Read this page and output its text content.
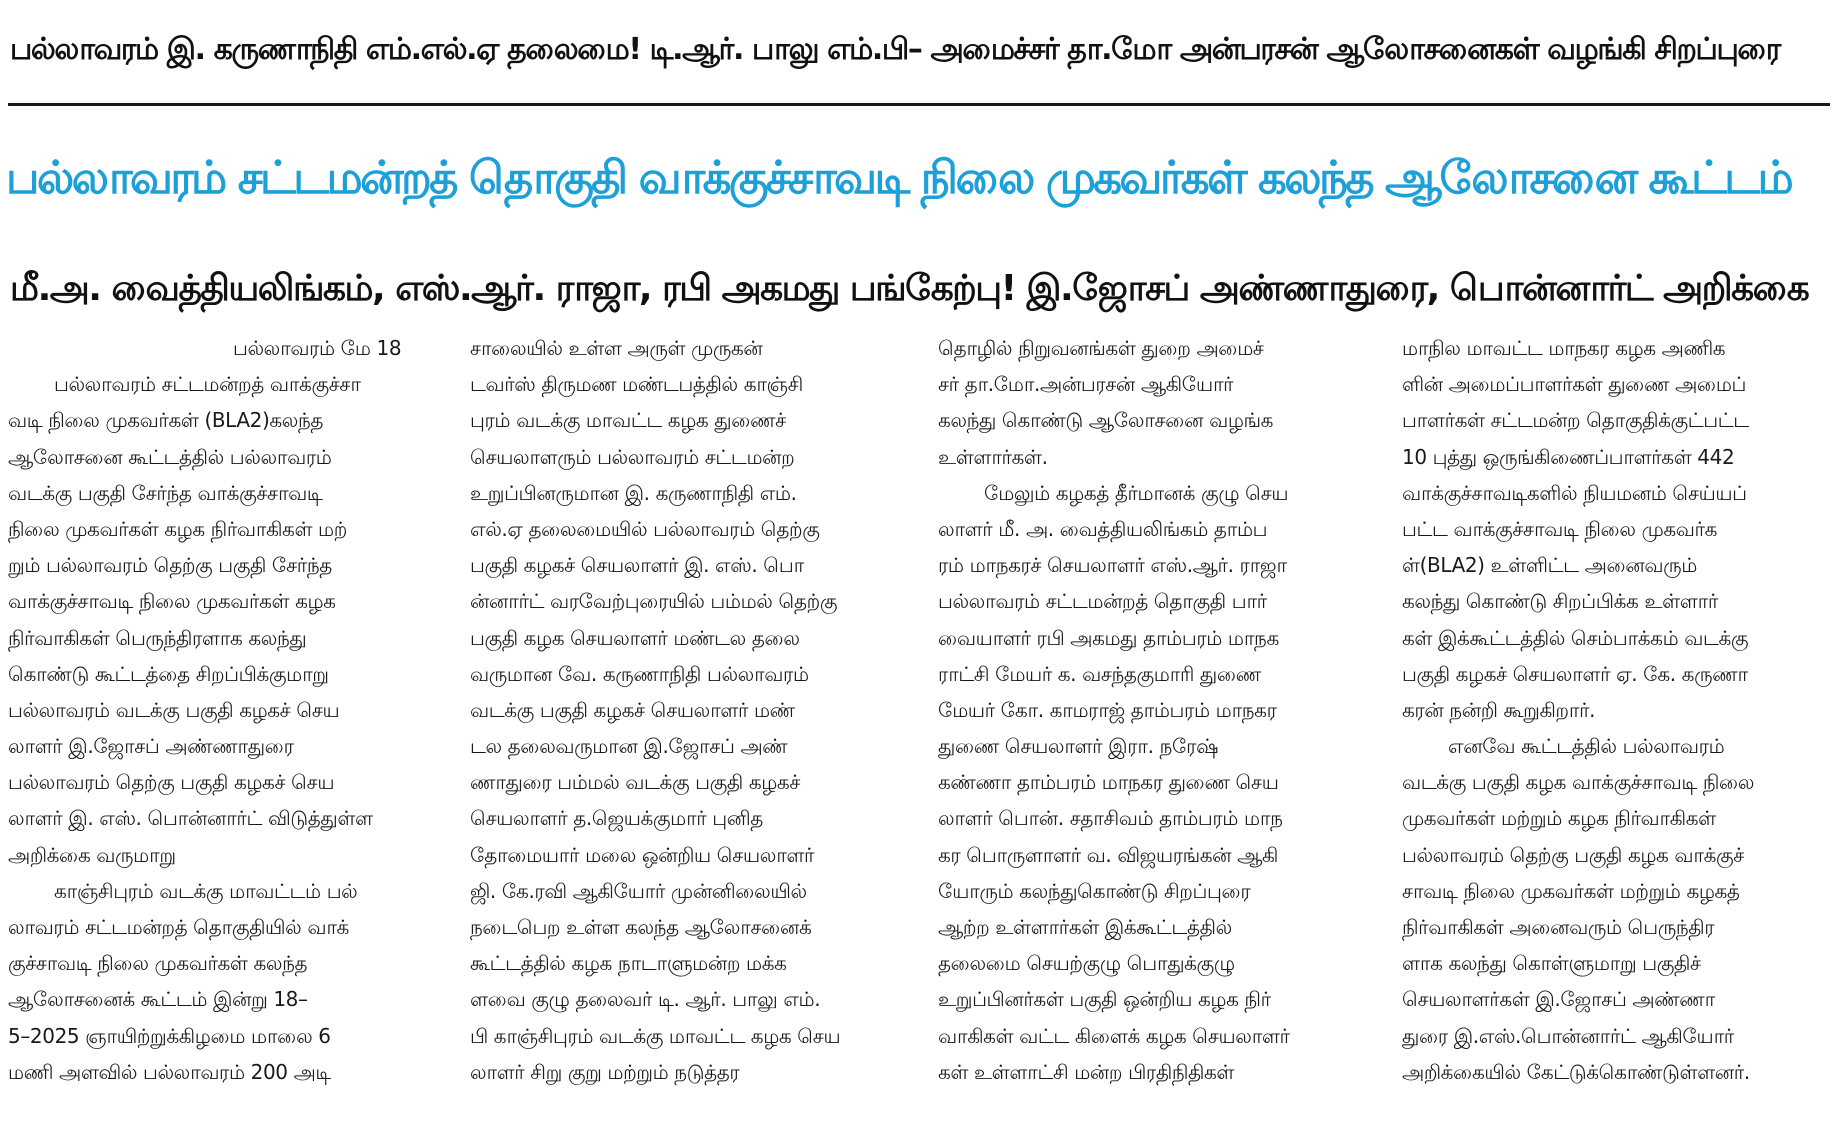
பல்லாவரம் இ. கருணாநிதி எம்.எல்.ஏ தலைமை! டி.ஆர். பாலு எம்.பி– அமைச்சர் தா.மோ அன்பரசன் ஆலோசனைகள் வழங்கி சிறப்புரை
பல்லாவரம் சட்டமன்றத் தொகுதி வாக்குச்சாவடி நிலை முகவர்கள் கலந்த ஆலோசனை கூட்டம்
மீ.அ. வைத்தியலிங்கம், எஸ்.ஆர். ராஜா, ரபி அகமது பங்கேற்பு! இ.ஜோசப் அண்ணாதுரை, பொன்னார்ட் அறிக்கை
பல்லாவரம் மே 18
பல்லாவரம் சட்டமன்றத் வாக்குச்சா
வடி நிலை முகவர்கள் (BLA2)கலந்த
ஆலோசனை கூட்டத்தில் பல்லாவரம்
வடக்கு பகுதி சேர்ந்த வாக்குச்சாவடி
நிலை முகவர்கள் கழக நிர்வாகிகள் மற்
றும் பல்லாவரம் தெற்கு பகுதி சேர்ந்த
வாக்குச்சாவடி நிலை முகவர்கள் கழக
நிர்வாகிகள் பெருந்திரளாக கலந்து
கொண்டு கூட்டத்தை சிறப்பிக்குமாறு
பல்லாவரம் வடக்கு பகுதி கழகச் செய
லாளர் இ.ஜோசப் அண்ணாதுரை
பல்லாவரம் தெற்கு பகுதி கழகச் செய
லாளர் இ. எஸ். பொன்னார்ட் விடுத்துள்ள
அறிக்கை வருமாறு
காஞ்சிபுரம் வடக்கு மாவட்டம் பல்
லாவரம் சட்டமன்றத் தொகுதியில் வாக்
குச்சாவடி நிலை முகவர்கள் கலந்த
ஆலோசனைக் கூட்டம் இன்று 18–
5–2025 ஞாயிற்றுக்கிழமை மாலை 6
மணி அளவில் பல்லாவரம் 200 அடி
சாலையில் உள்ள அருள் முருகன்
டவர்ஸ் திருமண மண்டபத்தில் காஞ்சி
புரம் வடக்கு மாவட்ட கழக துணைச்
செயலாளரும் பல்லாவரம் சட்டமன்ற
உறுப்பினருமான இ. கருணாநிதி எம்.
எல்.ஏ தலைமையில் பல்லாவரம் தெற்கு
பகுதி கழகச் செயலாளர் இ. எஸ். பொ
ன்னார்ட் வரவேற்புரையில் பம்மல் தெற்கு
பகுதி கழக செயலாளர் மண்டல தலை
வருமான வே. கருணாநிதி பல்லாவரம்
வடக்கு பகுதி கழகச் செயலாளர் மண்
டல தலைவருமான இ.ஜோசப் அண்
ணாதுரை பம்மல் வடக்கு பகுதி கழகச்
செயலாளர் த.ஜெயக்குமார் புனித
தோமையார் மலை ஒன்றிய செயலாளர்
ஜி. கே.ரவி ஆகியோர் முன்னிலையில்
நடைபெற உள்ள கலந்த ஆலோசனைக்
கூட்டத்தில் கழக நாடாளுமன்ற மக்க
ளவை குழு தலைவர் டி. ஆர். பாலு எம்.
பி காஞ்சிபுரம் வடக்கு மாவட்ட கழக செய
லாளர் சிறு குறு மற்றும் நடுத்தர
தொழில் நிறுவனங்கள் துறை அமைச்
சர் தா.மோ.அன்பரசன் ஆகியோர்
கலந்து கொண்டு ஆலோசனை வழங்க
உள்ளார்கள்.
மேலும் கழகத் தீர்மானக் குழு செய
லாளர் மீ. அ. வைத்தியலிங்கம் தாம்ப
ரம் மாநகரச் செயலாளர் எஸ்.ஆர். ராஜா
பல்லாவரம் சட்டமன்றத் தொகுதி பார்
வையாளர் ரபி அகமது தாம்பரம் மாநக
ராட்சி மேயர் க. வசந்தகுமாரி துணை
மேயர் கோ. காமராஜ் தாம்பரம் மாநகர
துணை செயலாளர் இரா. நரேஷ்
கண்ணா தாம்பரம் மாநகர துணை செய
லாளர் பொன். சதாசிவம் தாம்பரம் மாந
கர பொருளாளர் வ. விஜயரங்கன் ஆகி
யோரும் கலந்துகொண்டு சிறப்புரை
ஆற்ற உள்ளார்கள் இக்கூட்டத்தில்
தலைமை செயற்குழு பொதுக்குழு
உறுப்பினர்கள் பகுதி ஒன்றிய கழக நிர்
வாகிகள் வட்ட கிளைக் கழக செயலாளர்
கள் உள்ளாட்சி மன்ற பிரதிநிதிகள்
மாநில மாவட்ட மாநகர கழக அணிக
ளின் அமைப்பாளர்கள் துணை அமைப்
பாளர்கள் சட்டமன்ற தொகுதிக்குட்பட்ட
10 புத்து ஒருங்கிணைப்பாளர்கள் 442
வாக்குச்சாவடிகளில் நியமனம் செய்யப்
பட்ட வாக்குச்சாவடி நிலை முகவர்க
ள்(BLA2) உள்ளிட்ட அனைவரும்
கலந்து கொண்டு சிறப்பிக்க உள்ளார்
கள் இக்கூட்டத்தில் செம்பாக்கம் வடக்கு
பகுதி கழகச் செயலாளர் ஏ. கே. கருணா
கரன் நன்றி கூறுகிறார்.
எனவே கூட்டத்தில் பல்லாவரம்
வடக்கு பகுதி கழக வாக்குச்சாவடி நிலை
முகவர்கள் மற்றும் கழக நிர்வாகிகள்
பல்லாவரம் தெற்கு பகுதி கழக வாக்குச்
சாவடி நிலை முகவர்கள் மற்றும் கழகத்
நிர்வாகிகள் அனைவரும் பெருந்திர
ளாக கலந்து கொள்ளுமாறு பகுதிச்
செயலாளர்கள் இ.ஜோசப் அண்ணா
துரை இ.எஸ்.பொன்னார்ட் ஆகியோர்
அறிக்கையில் கேட்டுக்கொண்டுள்ளனர்.
